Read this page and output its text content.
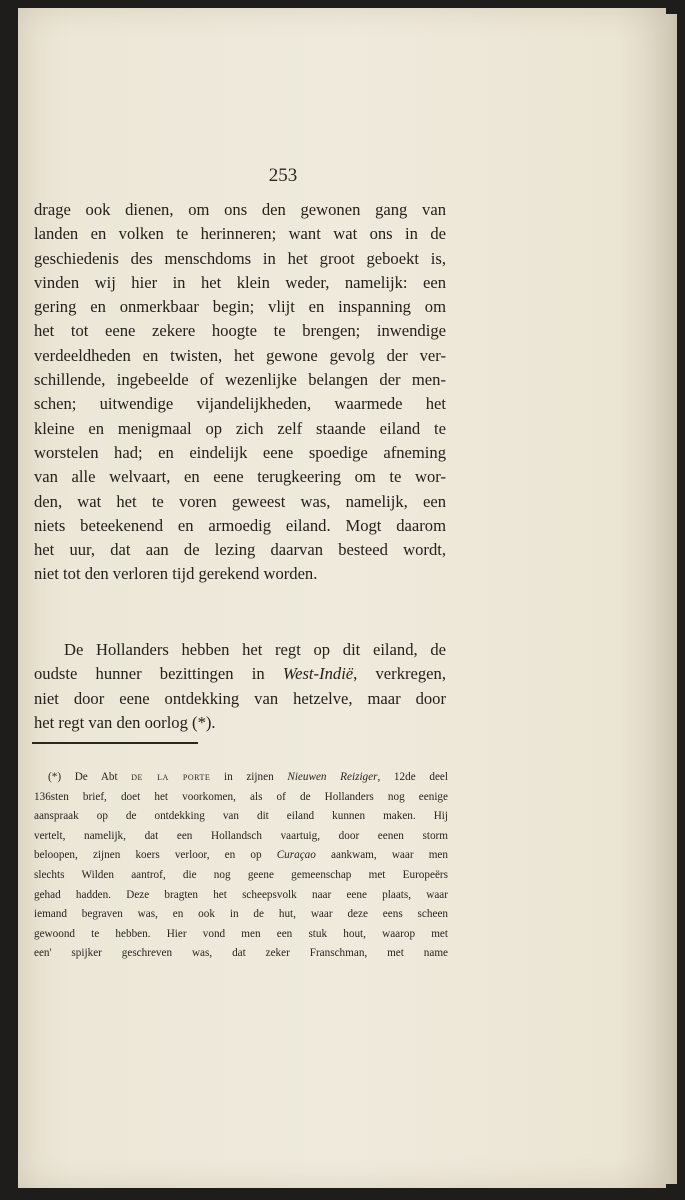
253
drage ook dienen, om ons den gewonen gang van
landen en volken te herinneren; want wat ons in de
geschiedenis des menschdoms in het groot geboekt is,
vinden wij hier in het klein weder, namelijk: een
gering en onmerkbaar begin; vlijt en inspanning om
het tot eene zekere hoogte te brengen; inwendige
verdeeldheden en twisten, het gewone gevolg der ver-
schillende, ingebeelde of wezenlijke belangen der men-
schen; uitwendige vijandelijkheden, waarmede het
kleine en menigmaal op zich zelf staande eiland te
worstelen had; en eindelijk eene spoedige afneming
van alle welvaart, en eene terugkeering om te wor-
den, wat het te voren geweest was, namelijk, een
niets beteekenend en armoedig eiland. Mogt daarom
het uur, dat aan de lezing daarvan besteed wordt,
niet tot den verloren tijd gerekend worden.
De Hollanders hebben het regt op dit eiland, de
oudste hunner bezittingen in West-Indië, verkregen,
niet door eene ontdekking van hetzelve, maar door
het regt van den oorlog (*).
(*) De Abt de la porte in zijnen Nieuwen Reiziger, 12de deel
136sten brief, doet het voorkomen, als of de Hollanders nog eenige
aanspraak op de ontdekking van dit eiland kunnen maken. Hij
vertelt, namelijk, dat een Hollandsch vaartuig, door eenen storm
beloopen, zijnen koers verloor, en op Curaçao aankwam, waar men
slechts Wilden aantrof, die nog geene gemeenschap met Europeërs
gehad hadden. Deze bragten het scheepsvolk naar eene plaats, waar
iemand begraven was, en ook in de hut, waar deze eens scheen
gewoond te hebben. Hier vond men een stuk hout, waarop met
een' spijker geschreven was, dat zeker Franschman, met name
